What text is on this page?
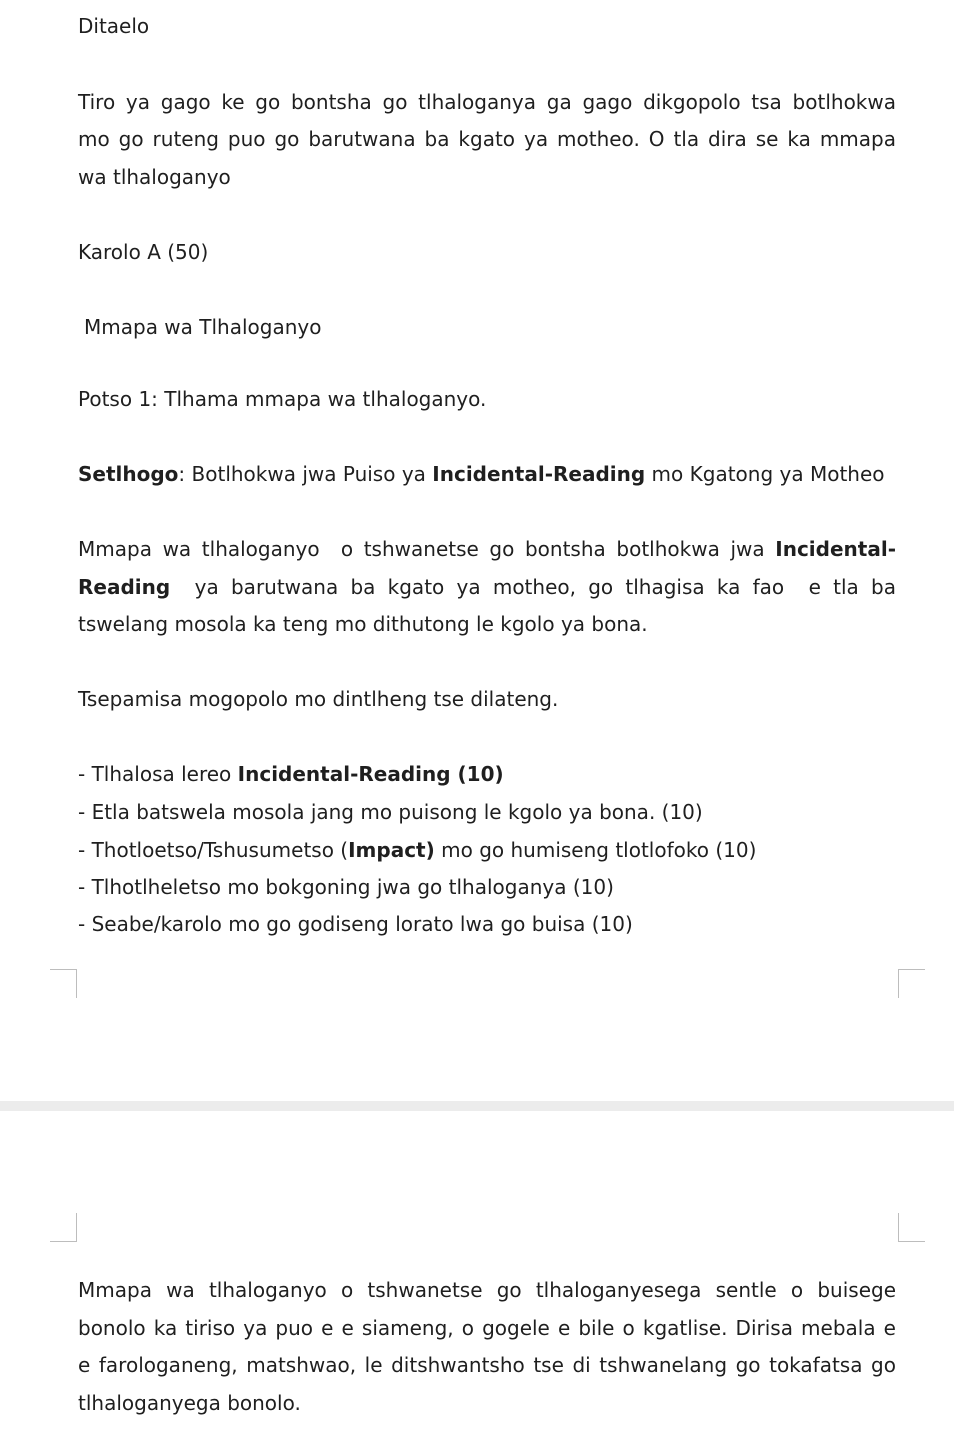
Ditaelo
Tiro ya gago ke go bontsha go tlhaloganya ga gago dikgopolo tsa botlhokwa
mo go ruteng puo go barutwana ba kgato ya motheo. O tla dira se ka mmapa
wa tlhaloganyo
Karolo A (50)
Mmapa wa Tlhaloganyo
Potso 1: Tlhama mmapa wa tlhaloganyo.
Setlhogo: Botlhokwa jwa Puiso ya Incidental-Reading mo Kgatong ya Motheo
Mmapa wa tlhaloganyo  o tshwanetse go bontsha botlhokwa jwa Incidental-
Reading  ya barutwana ba kgato ya motheo, go tlhagisa ka fao  e tla ba
tswelang mosola ka teng mo dithutong le kgolo ya bona.
Tsepamisa mogopolo mo dintlheng tse dilateng.
- Tlhalosa lereo Incidental-Reading (10)
- Etla batswela mosola jang mo puisong le kgolo ya bona. (10)
- Thotloetso/Tshusumetso (Impact) mo go humiseng tlotlofoko (10)
- Tlhotlheletso mo bokgoning jwa go tlhaloganya (10)
- Seabe/karolo mo go godiseng lorato lwa go buisa (10)
Mmapa wa tlhaloganyo o tshwanetse go tlhaloganyesega sentle o buisege
bonolo ka tiriso ya puo e e siameng, o gogele e bile o kgatlise. Dirisa mebala e
e farologaneng, matshwao, le ditshwantsho tse di tshwanelang go tokafatsa go
tlhaloganyega bonolo.
